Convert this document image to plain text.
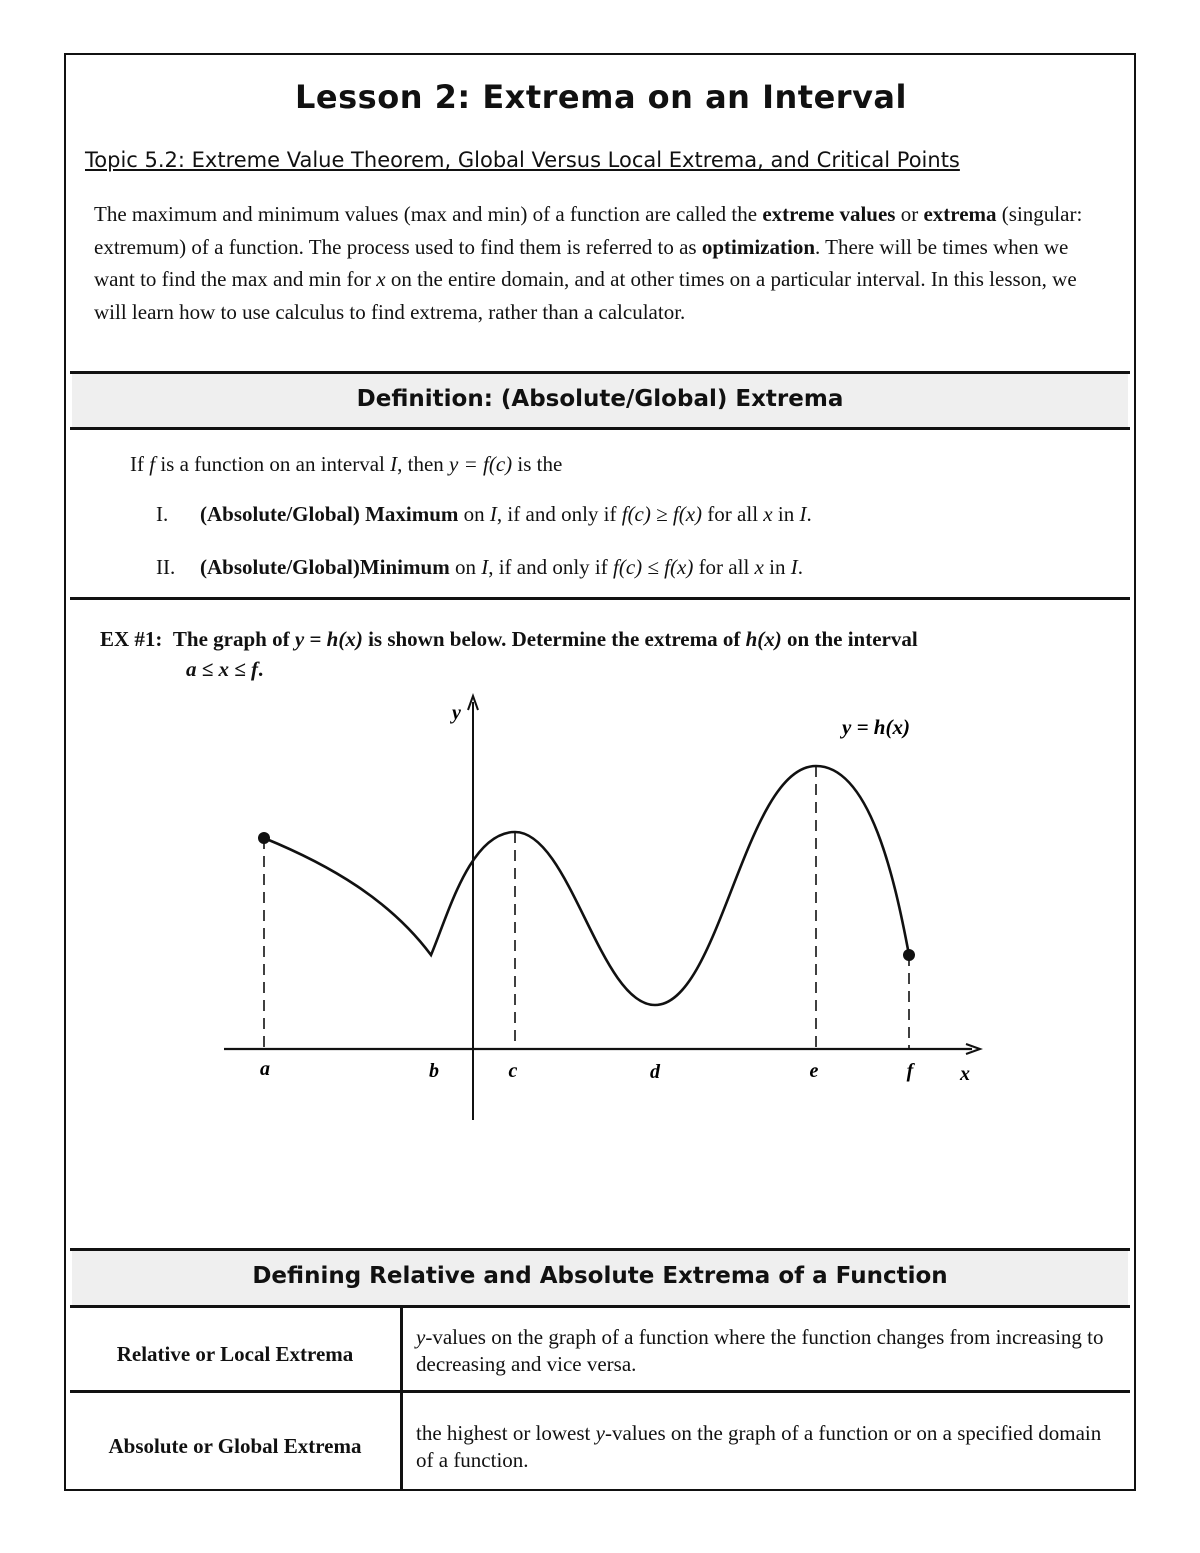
Lesson 2: Extrema on an Interval
Topic 5.2: Extreme Value Theorem, Global Versus Local Extrema, and Critical Points
The maximum and minimum values (max and min) of a function are called the extreme values or extrema (singular: extremum) of a function. The process used to find them is referred to as optimization. There will be times when we want to find the max and min for x on the entire domain, and at other times on a particular interval. In this lesson, we will learn how to use calculus to find extrema, rather than a calculator.
Definition: (Absolute/Global) Extrema
If f is a function on an interval I, then y = f(c) is the
I. (Absolute/Global) Maximum on I, if and only if f(c) ≥ f(x) for all x in I.
II. (Absolute/Global)Minimum on I, if and only if f(c) ≤ f(x) for all x in I.
EX #1: The graph of y = h(x) is shown below. Determine the extrema of h(x) on the interval
a ≤ x ≤ f.
y
x
y = h(x)
a	b	c	d	e	f
Defining Relative and Absolute Extrema of a Function
Relative or Local Extrema
y-values on the graph of a function where the function changes from increasing to decreasing and vice versa.
Absolute or Global Extrema
the highest or lowest y-values on the graph of a function or on a specified domain of a function.
